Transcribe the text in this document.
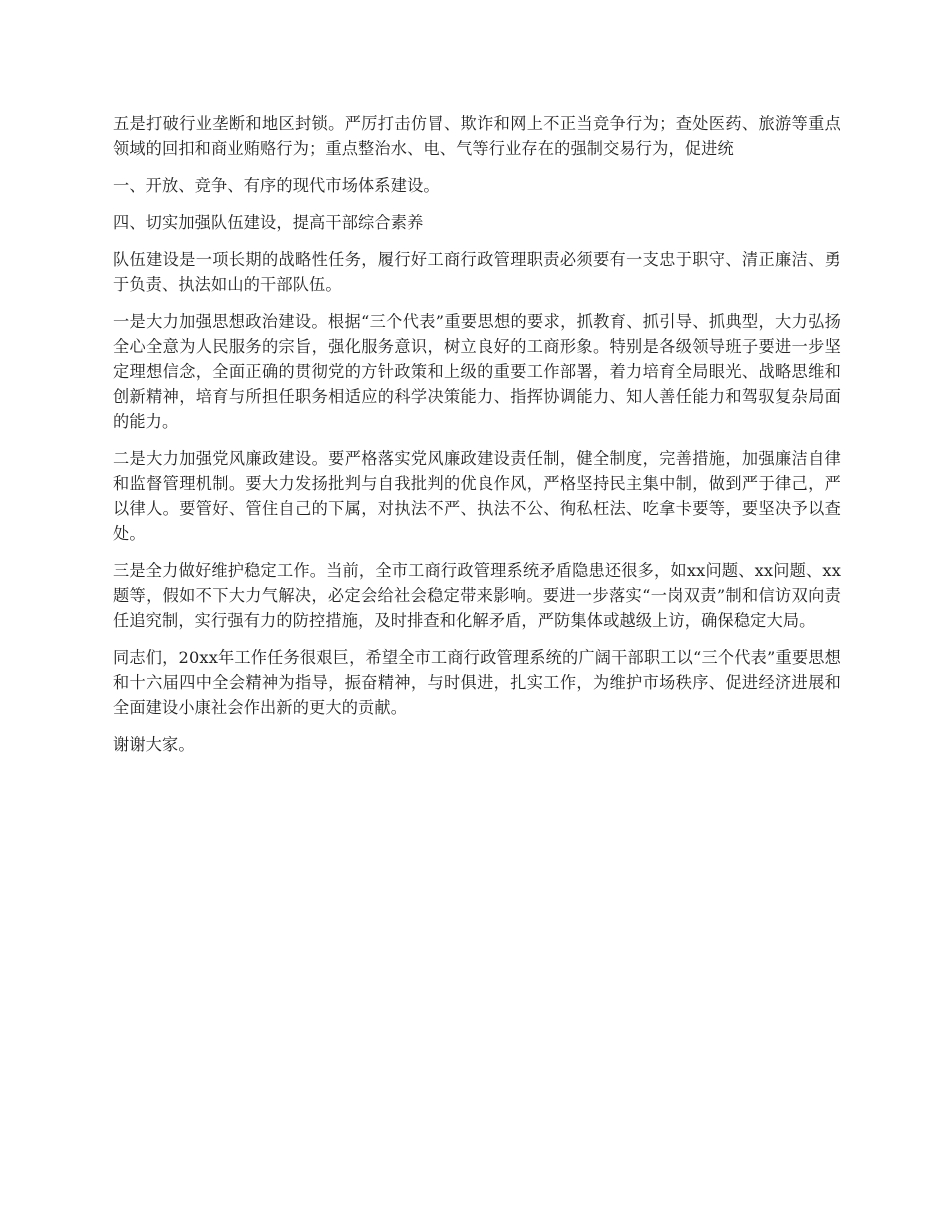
五是打破行业垄断和地区封锁。严厉打击仿冒、欺诈和网上不正当竞争行为；查处医药、旅游等重点领域的回扣和商业贿赂行为；重点整治水、电、气等行业存在的强制交易行为，促进统

一、开放、竞争、有序的现代市场体系建设。

四、切实加强队伍建设，提高干部综合素养

队伍建设是一项长期的战略性任务，履行好工商行政管理职责必须要有一支忠于职守、清正廉洁、勇于负责、执法如山的干部队伍。

一是大力加强思想政治建设。根据“三个代表”重要思想的要求，抓教育、抓引导、抓典型，大力弘扬全心全意为人民服务的宗旨，强化服务意识，树立良好的工商形象。特别是各级领导班子要进一步坚定理想信念，全面正确的贯彻党的方针政策和上级的重要工作部署，着力培育全局眼光、战略思维和创新精神，培育与所担任职务相适应的科学决策能力、指挥协调能力、知人善任能力和驾驭复杂局面的能力。

二是大力加强党风廉政建设。要严格落实党风廉政建设责任制，健全制度，完善措施，加强廉洁自律和监督管理机制。要大力发扬批判与自我批判的优良作风，严格坚持民主集中制，做到严于律己，严以律人。要管好、管住自己的下属，对执法不严、执法不公、徇私枉法、吃拿卡要等，要坚决予以查处。

三是全力做好维护稳定工作。当前，全市工商行政管理系统矛盾隐患还很多，如xx问题、xx问题、xx题等，假如不下大力气解决，必定会给社会稳定带来影响。要进一步落实“一岗双责”制和信访双向责任追究制，实行强有力的防控措施，及时排查和化解矛盾，严防集体或越级上访，确保稳定大局。

同志们，20xx年工作任务很艰巨，希望全市工商行政管理系统的广阔干部职工以“三个代表”重要思想和十六届四中全会精神为指导，振奋精神，与时俱进，扎实工作，为维护市场秩序、促进经济进展和全面建设小康社会作出新的更大的贡献。

谢谢大家。
